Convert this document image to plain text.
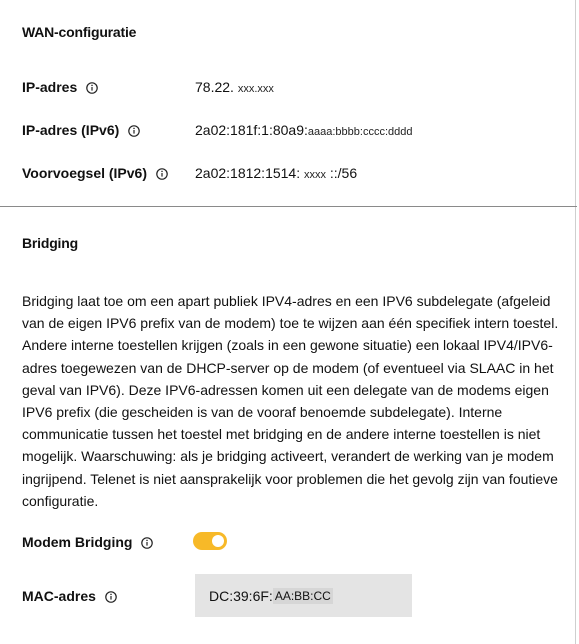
WAN-configuratie
IP-adres	78.22. xxx.xxx
IP-adres (IPv6)	2a02:181f:1:80a9:aaaa:bbbb:cccc:dddd
Voorvoegsel (IPv6)	2a02:1812:1514: xxxx ::/56
Bridging
Bridging laat toe om een apart publiek IPV4-adres en een IPV6 subdelegate (afgeleid van de eigen IPV6 prefix van de modem) toe te wijzen aan één specifiek intern toestel. Andere interne toestellen krijgen (zoals in een gewone situatie) een lokaal IPV4/IPV6-adres toegewezen van de DHCP-server op de modem (of eventueel via SLAAC in het geval van IPV6). Deze IPV6-adressen komen uit een delegate van de modems eigen IPV6 prefix (die gescheiden is van de vooraf benoemde subdelegate). Interne communicatie tussen het toestel met bridging en de andere interne toestellen is niet mogelijk. Waarschuwing: als je bridging activeert, verandert de werking van je modem ingrijpend. Telenet is niet aansprakelijk voor problemen die het gevolg zijn van foutieve configuratie.
Modem Bridging
MAC-adres	DC:39:6F: AA:BB:CC
